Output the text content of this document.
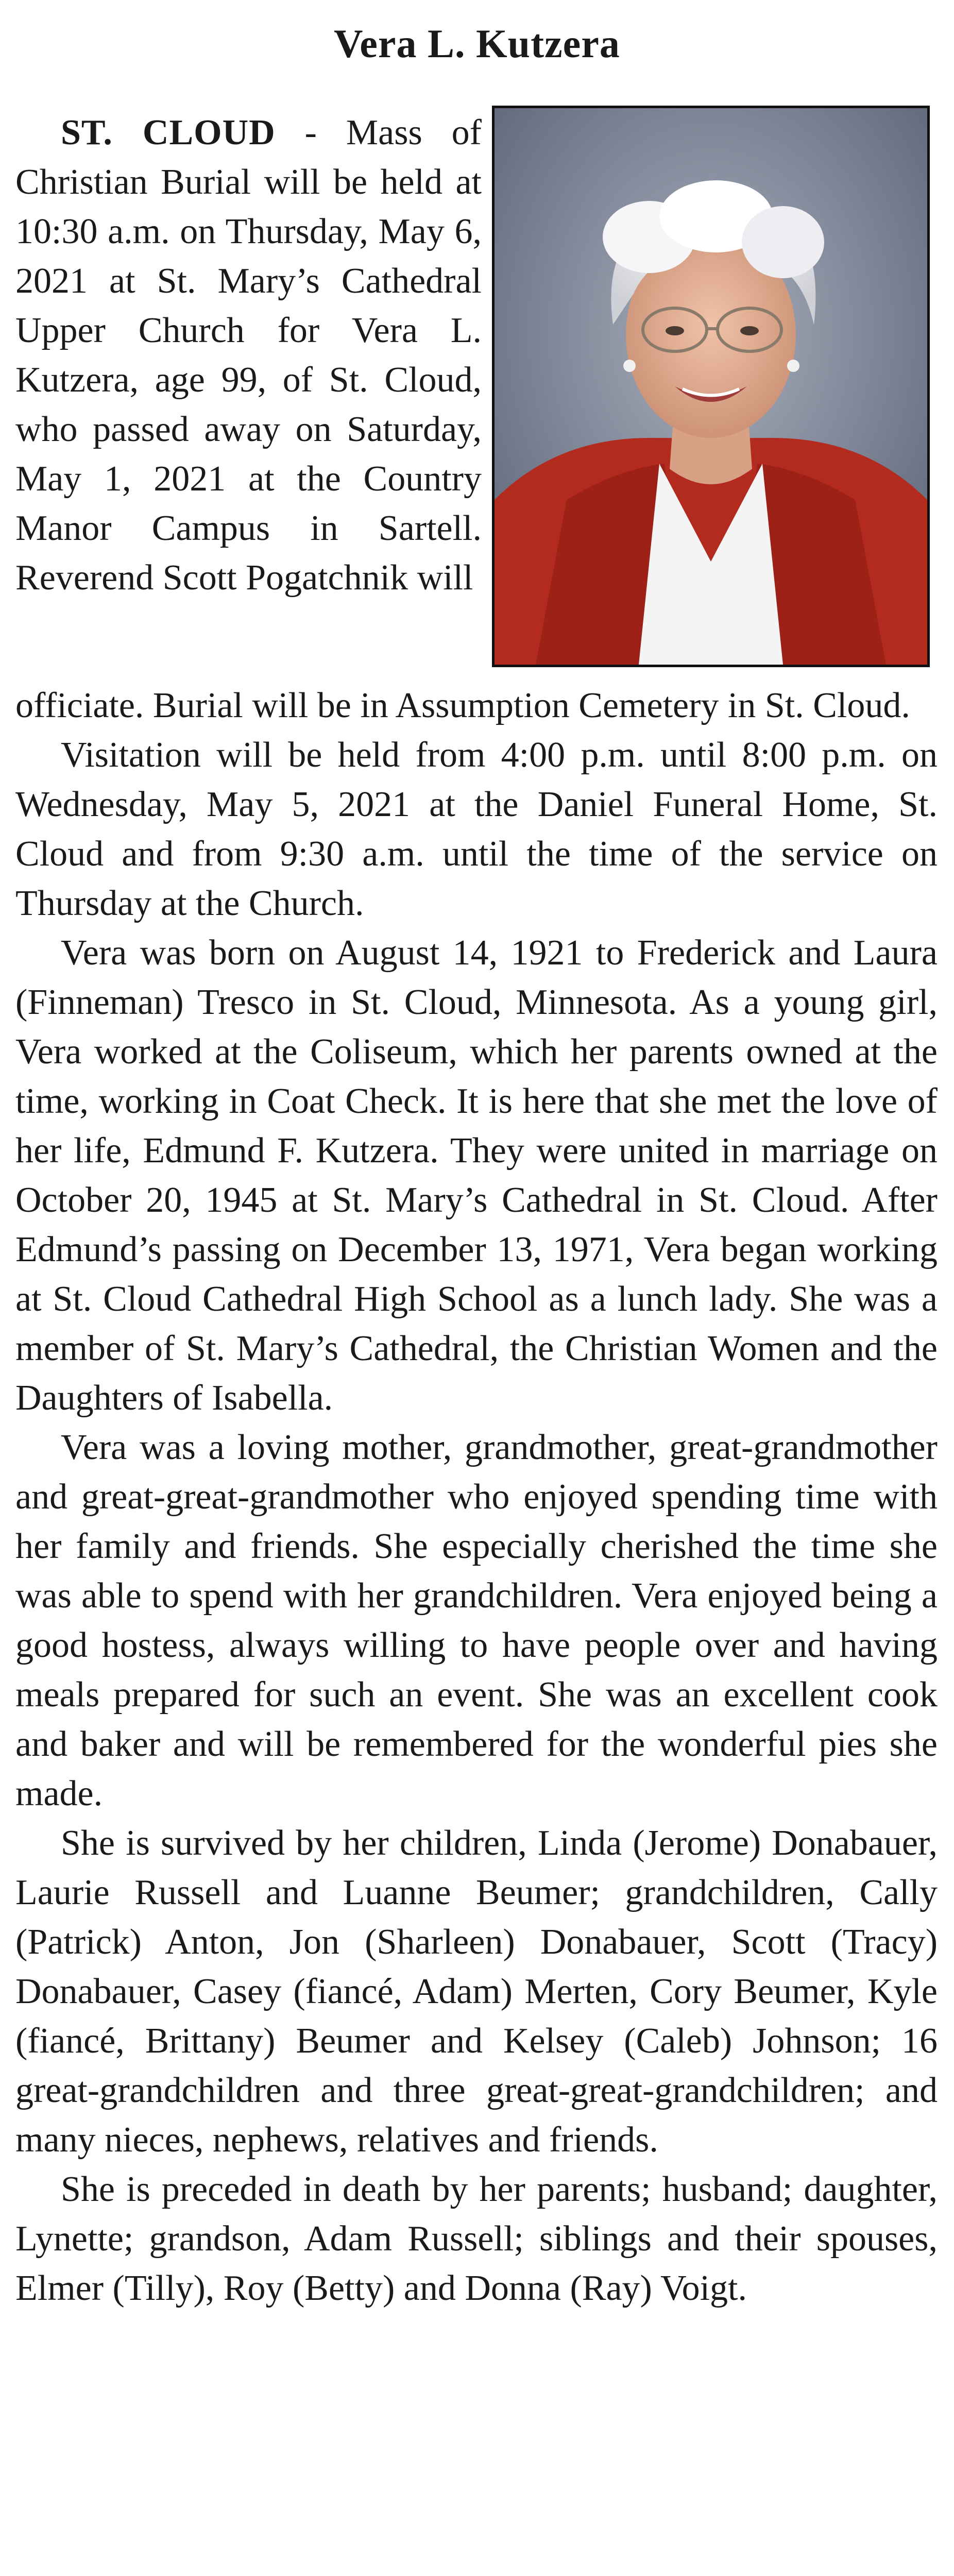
Vera L. Kutzera

ST. CLOUD - Mass of Christian Burial will be held at 10:30 a.m. on Thursday, May 6, 2021 at St. Mary’s Cathedral Upper Church for Vera L. Kutzera, age 99, of St. Cloud, who passed away on Saturday, May 1, 2021 at the Country Manor Campus in Sartell. Reverend Scott Pogatchnik will

officiate. Burial will be in Assumption Cemetery in St. Cloud.

Visitation will be held from 4:00 p.m. until 8:00 p.m. on Wednesday, May 5, 2021 at the Daniel Funeral Home, St. Cloud and from 9:30 a.m. until the time of the service on Thursday at the Church.

Vera was born on August 14, 1921 to Frederick and Laura (Finneman) Tresco in St. Cloud, Minnesota. As a young girl, Vera worked at the Coliseum, which her parents owned at the time, working in Coat Check. It is here that she met the love of her life, Edmund F. Kutzera. They were united in marriage on October 20, 1945 at St. Mary’s Cathedral in St. Cloud. After Edmund’s passing on December 13, 1971, Vera began working at St. Cloud Cathedral High School as a lunch lady. She was a member of St. Mary’s Cathedral, the Christian Women and the Daughters of Isabella.

Vera was a loving mother, grandmother, great-grandmother and great-great-grandmother who enjoyed spending time with her family and friends. She especially cherished the time she was able to spend with her grandchildren. Vera enjoyed being a good hostess, always willing to have people over and having meals prepared for such an event. She was an excellent cook and baker and will be remembered for the wonderful pies she made.

She is survived by her children, Linda (Jerome) Donabauer, Laurie Russell and Luanne Beumer; grandchildren, Cally (Patrick) Anton, Jon (Sharleen) Donabauer, Scott (Tracy) Donabauer, Casey (fiancé, Adam) Merten, Cory Beumer, Kyle (fiancé, Brittany) Beumer and Kelsey (Caleb) Johnson; 16 great-grandchildren and three great-great-grandchildren; and many nieces, nephews, relatives and friends.

She is preceded in death by her parents; husband; daughter, Lynette; grandson, Adam Russell; siblings and their spouses, Elmer (Tilly), Roy (Betty) and Donna (Ray) Voigt.
